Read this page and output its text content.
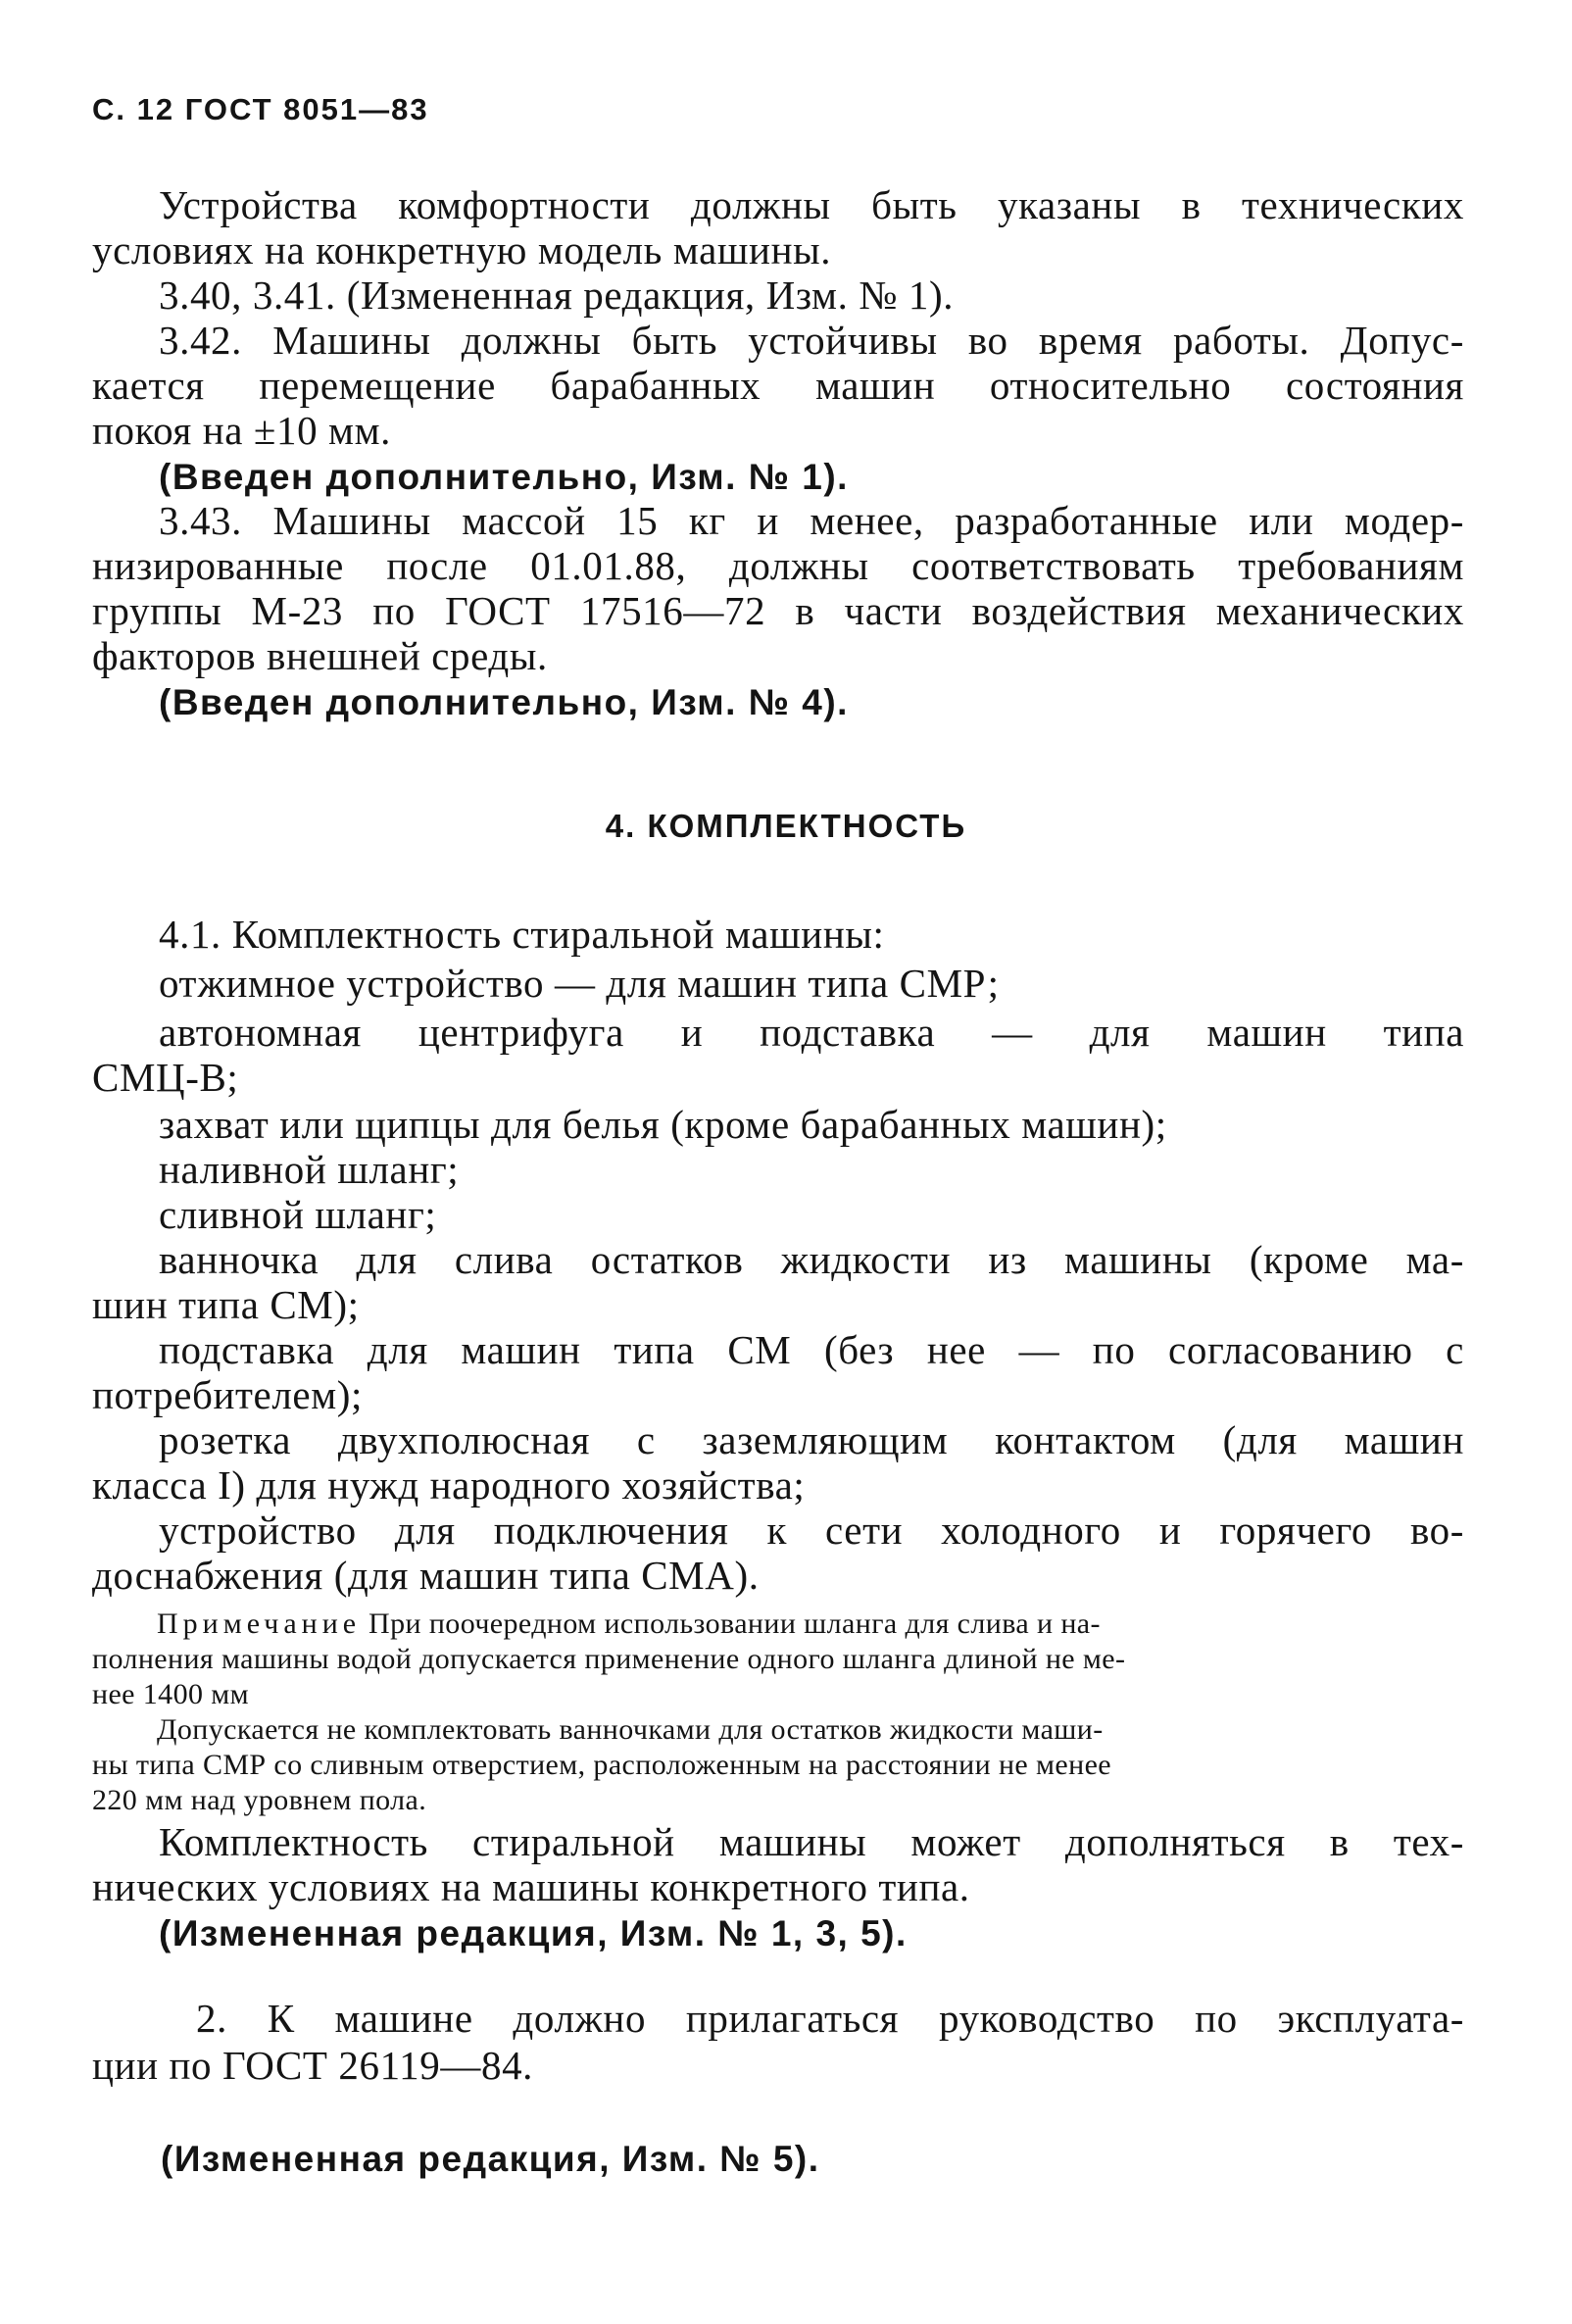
С. 12 ГОСТ 8051—83
Устройства комфортности должны быть указаны в технических
условиях на конкретную модель машины.
3.40, 3.41. (Измененная редакция, Изм. № 1).
3.42. Машины должны быть устойчивы во время работы. Допус-
кается перемещение барабанных машин относительно состояния
покоя на ±10 мм.
(Введен дополнительно, Изм. № 1).
3.43. Машины массой 15 кг и менее, разработанные или модер-
низированные после 01.01.88, должны соответствовать требованиям
группы М-23 по ГОСТ 17516—72 в части воздействия механических
факторов внешней среды.
(Введен дополнительно, Изм. № 4).
4. КОМПЛЕКТНОСТЬ
4.1. Комплектность стиральной машины:
отжимное устройство — для машин типа СМР;
автономная центрифуга и подставка — для машин типа
СМЦ-В;
захват или щипцы для белья (кроме барабанных машин);
наливной шланг;
сливной шланг;
ванночка для слива остатков жидкости из машины (кроме ма-
шин типа СМ);
подставка для машин типа СМ (без нее — по согласованию с
потребителем);
розетка двухполюсная с заземляющим контактом (для машин
класса I) для нужд народного хозяйства;
устройство для подключения к сети холодного и горячего во-
доснабжения (для машин типа СМА).
Примечание При поочередном использовании шланга для слива и на-
полнения машины водой допускается применение одного шланга длиной не ме-
нее 1400 мм
Допускается не комплектовать ванночками для остатков жидкости маши-
ны типа СМР со сливным отверстием, расположенным на расстоянии не менее
220 мм над уровнем пола.
Комплектность стиральной машины может дополняться в тех-
нических условиях на машины конкретного типа.
(Измененная редакция, Изм. № 1, 3, 5).
2. К машине должно прилагаться руководство по эксплуата-
ции по ГОСТ 26119—84.
(Измененная редакция, Изм. № 5).
